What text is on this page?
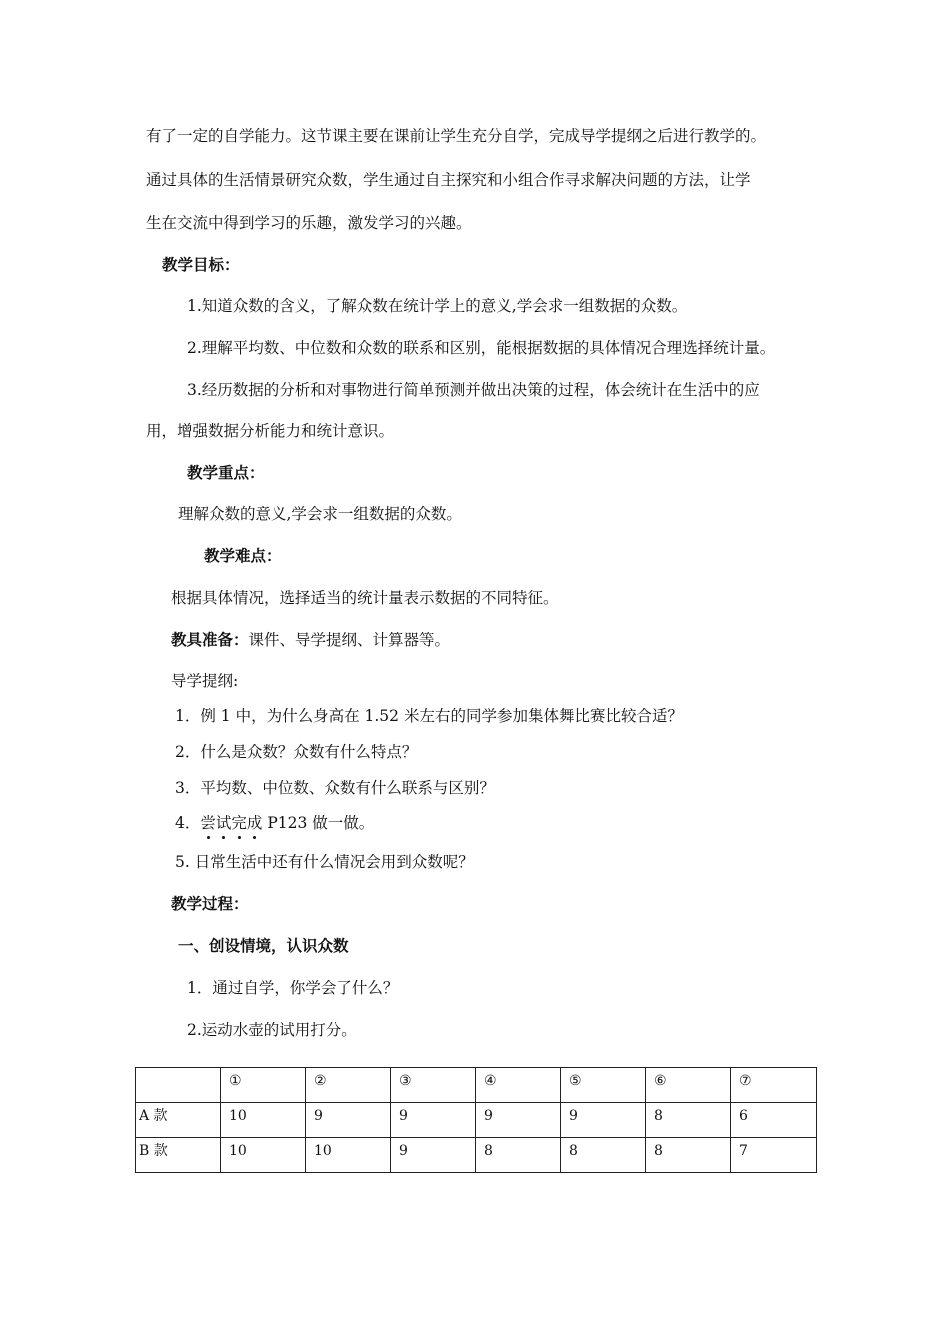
有了一定的自学能力。这节课主要在课前让学生充分自学，完成导学提纲之后进行教学的。
通过具体的生活情景研究众数，学生通过自主探究和小组合作寻求解决问题的方法，让学
生在交流中得到学习的乐趣，激发学习的兴趣。
教学目标：
1.知道众数的含义，了解众数在统计学上的意义,学会求一组数据的众数。
2.理解平均数、中位数和众数的联系和区别，能根据数据的具体情况合理选择统计量。
3.经历数据的分析和对事物进行简单预测并做出决策的过程，体会统计在生活中的应
用，增强数据分析能力和统计意识。
教学重点：
理解众数的意义,学会求一组数据的众数。
教学难点：
根据具体情况，选择适当的统计量表示数据的不同特征。
教具准备：课件、导学提纲、计算器等。
导学提纲:
1．例 1 中，为什么身高在 1.52 米左右的同学参加集体舞比赛比较合适？
2．什么是众数？众数有什么特点？
3．平均数、中位数、众数有什么联系与区别？
4．尝试完成 P123 做一做。
5. 日常生活中还有什么情况会用到众数呢？
教学过程：
一、创设情境，认识众数
1．通过自学，你学会了什么？
2.运动水壶的试用打分。
	①	②	③	④	⑤	⑥	⑦
A 款	10	9	9	9	9	8	6
B 款	10	10	9	8	8	8	7
